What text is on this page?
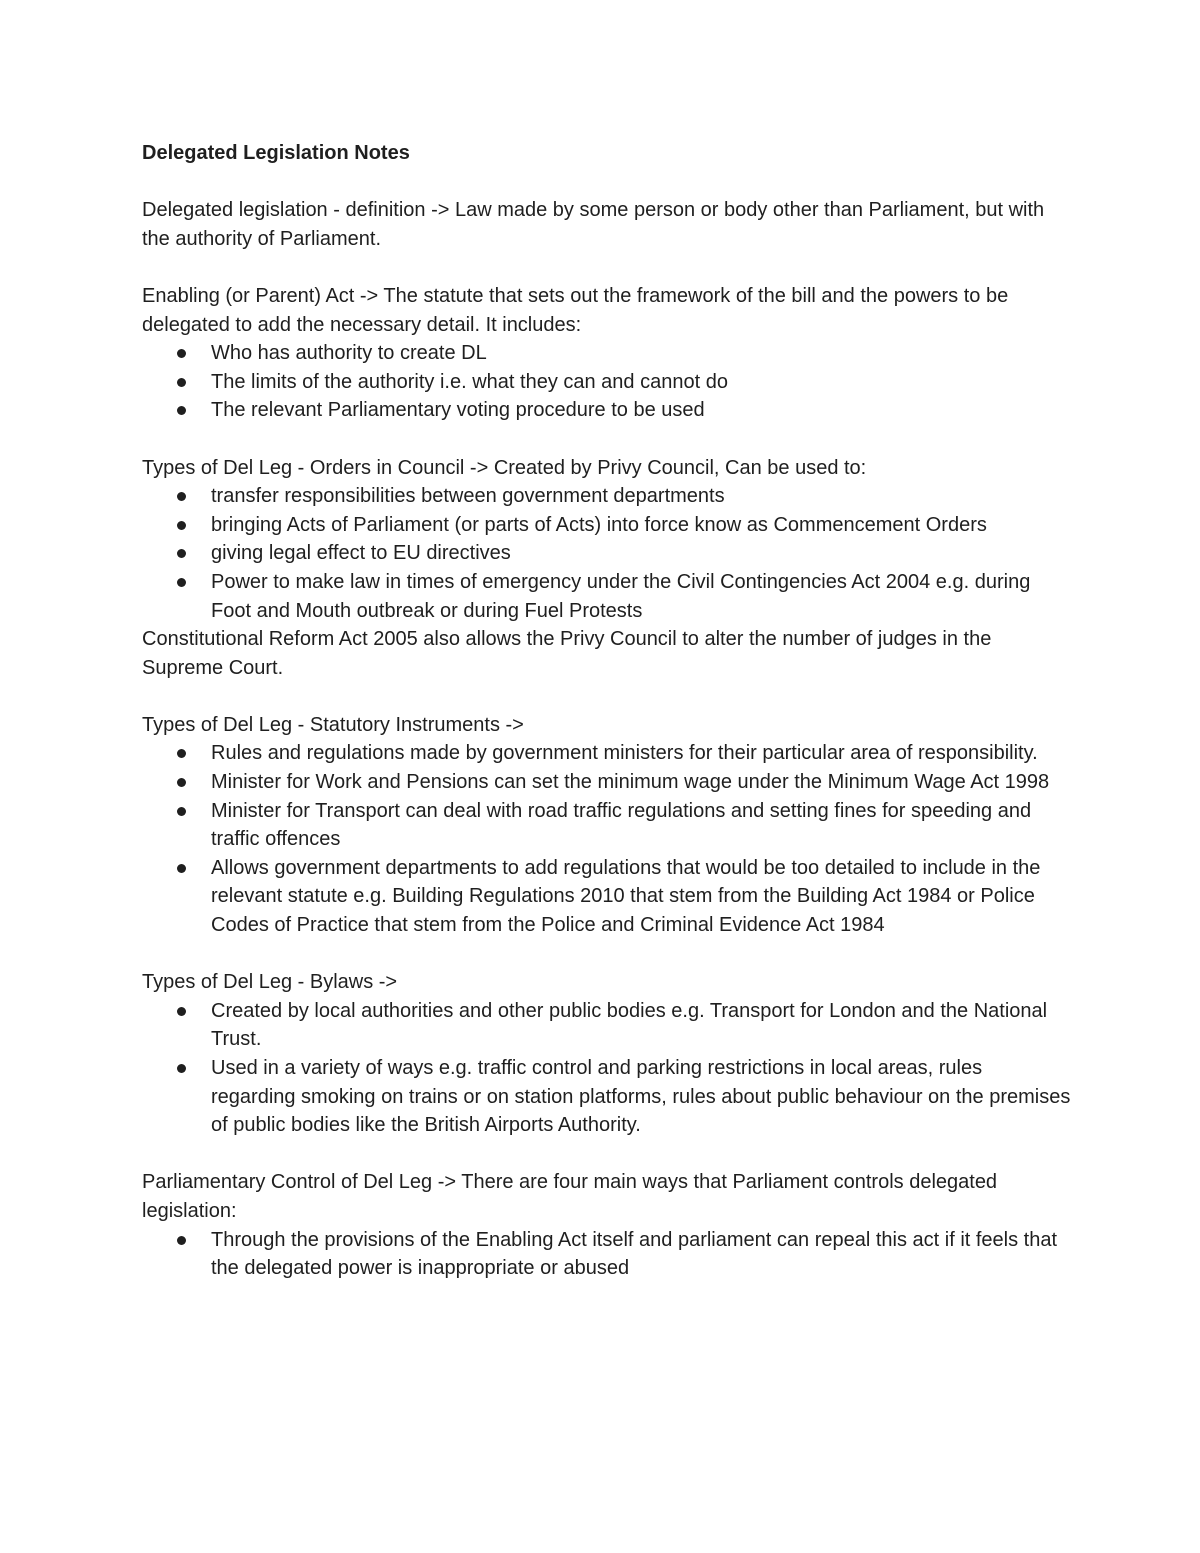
Delegated Legislation Notes

Delegated legislation - definition -> Law made by some person or body other than Parliament, but with the authority of Parliament.

Enabling (or Parent) Act -> The statute that sets out the framework of the bill and the powers to be delegated to add the necessary detail. It includes:

Who has authority to create DL
The limits of the authority i.e. what they can and cannot do
The relevant Parliamentary voting procedure to be used

Types of Del Leg - Orders in Council -> Created by Privy Council, Can be used to:

transfer responsibilities between government departments
bringing Acts of Parliament (or parts of Acts) into force know as Commencement Orders
giving legal effect to EU directives
Power to make law in times of emergency under the Civil Contingencies Act 2004 e.g. during Foot and Mouth outbreak or during Fuel Protests

Constitutional Reform Act 2005 also allows the Privy Council to alter the number of judges in the Supreme Court.

Types of Del Leg - Statutory Instruments ->

Rules and regulations made by government ministers for their particular area of responsibility.
Minister for Work and Pensions can set the minimum wage under the Minimum Wage Act 1998
Minister for Transport can deal with road traffic regulations and setting fines for speeding and traffic offences
Allows government departments to add regulations that would be too detailed to include in the relevant statute e.g. Building Regulations 2010 that stem from the Building Act 1984 or Police Codes of Practice that stem from the Police and Criminal Evidence Act 1984

Types of Del Leg - Bylaws ->

Created by local authorities and other public bodies e.g. Transport for London and the National Trust.
Used in a variety of ways e.g. traffic control and parking restrictions in local areas, rules regarding smoking on trains or on station platforms, rules about public behaviour on the premises of public bodies like the British Airports Authority.

Parliamentary Control of Del Leg -> There are four main ways that Parliament controls delegated legislation:

Through the provisions of the Enabling Act itself and parliament can repeal this act if it feels that the delegated power is inappropriate or abused
